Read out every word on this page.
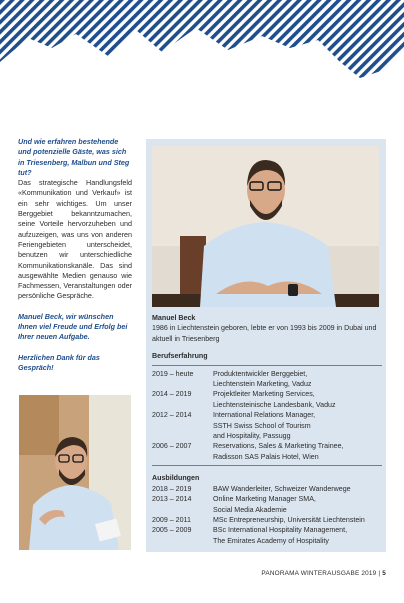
Und wie erfahren bestehende und potenzielle Gäste, was sich in Triesenberg, Malbun und Steg tut?
Das strategische Handlungsfeld «Kommunikation und Verkauf» ist ein sehr wichtiges. Um unser Berggebiet bekanntzumachen, seine Vorteile hervorzuheben und aufzuzeigen, was uns von anderen Feriengebieten unterscheidet, benutzen wir unterschiedliche Kommunikationskanäle. Das sind ausgewählte Medien genauso wie Fachmessen, Veranstaltungen oder persönliche Gespräche.
Manuel Beck, wir wünschen Ihnen viel Freude und Erfolg bei Ihrer neuen Aufgabe.
Herzlichen Dank für das Gespräch!
Manuel Beck
1986 in Liechtenstein geboren, lebte er von 1993 bis 2009 in Dubai und aktuell in Triesenberg
Berufserfahrung
2019 – heute	Produktentwickler Berggebiet,
Liechtenstein Marketing, Vaduz
2014 – 2019	Projektleiter Marketing Services,
Liechtensteinische Landesbank, Vaduz
2012 – 2014	International Relations Manager,
SSTH Swiss School of Tourism
and Hospitality, Passugg
2006 – 2007	Reservations, Sales & Marketing Trainee,
Radisson SAS Palais Hotel, Wien
Ausbildungen
2018 – 2019	BAW Wanderleiter, Schweizer Wanderwege
2013 – 2014	Online Marketing Manager SMA,
Social Media Akademie
2009 – 2011	MSc Entrepreneurship, Universität Liechtenstein
2005 – 2009	BSc International Hospitality Management,
The Emirates Academy of Hospitality
PANORAMA WINTERAUSGABE 2019 | 5
